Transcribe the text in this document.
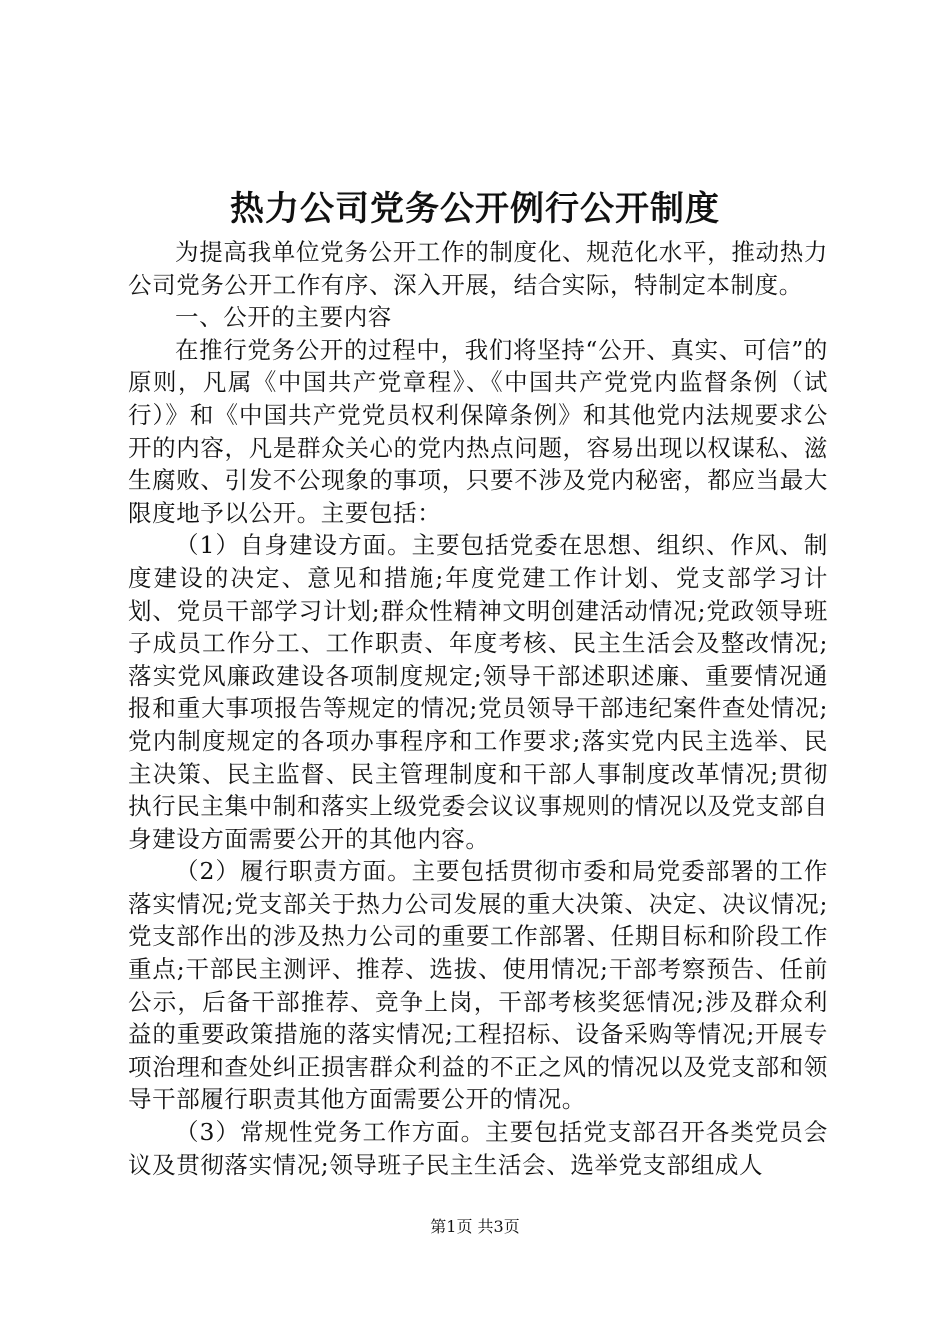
热力公司党务公开例行公开制度

为提高我单位党务公开工作的制度化、规范化水平，推动热力公司党务公开工作有序、深入开展，结合实际，特制定本制度。

一、公开的主要内容

在推行党务公开的过程中，我们将坚持“公开、真实、可信”的原则，凡属《中国共产党章程》、《中国共产党党内监督条例（试行）》和《中国共产党党员权利保障条例》和其他党内法规要求公开的内容，凡是群众关心的党内热点问题，容易出现以权谋私、滋生腐败、引发不公现象的事项，只要不涉及党内秘密，都应当最大限度地予以公开。主要包括：

（1）自身建设方面。主要包括党委在思想、组织、作风、制度建设的决定、意见和措施;年度党建工作计划、党支部学习计划、党员干部学习计划;群众性精神文明创建活动情况;党政领导班子成员工作分工、工作职责、年度考核、民主生活会及整改情况;落实党风廉政建设各项制度规定;领导干部述职述廉、重要情况通报和重大事项报告等规定的情况;党员领导干部违纪案件查处情况;党内制度规定的各项办事程序和工作要求;落实党内民主选举、民主决策、民主监督、民主管理制度和干部人事制度改革情况;贯彻执行民主集中制和落实上级党委会议议事规则的情况以及党支部自身建设方面需要公开的其他内容。

（2）履行职责方面。主要包括贯彻市委和局党委部署的工作落实情况;党支部关于热力公司发展的重大决策、决定、决议情况;党支部作出的涉及热力公司的重要工作部署、任期目标和阶段工作重点;干部民主测评、推荐、选拔、使用情况;干部考察预告、任前公示，后备干部推荐、竞争上岗，干部考核奖惩情况;涉及群众利益的重要政策措施的落实情况;工程招标、设备采购等情况;开展专项治理和查处纠正损害群众利益的不正之风的情况以及党支部和领导干部履行职责其他方面需要公开的情况。

（3）常规性党务工作方面。主要包括党支部召开各类党员会议及贯彻落实情况;领导班子民主生活会、选举党支部组成人

第1页 共3页
